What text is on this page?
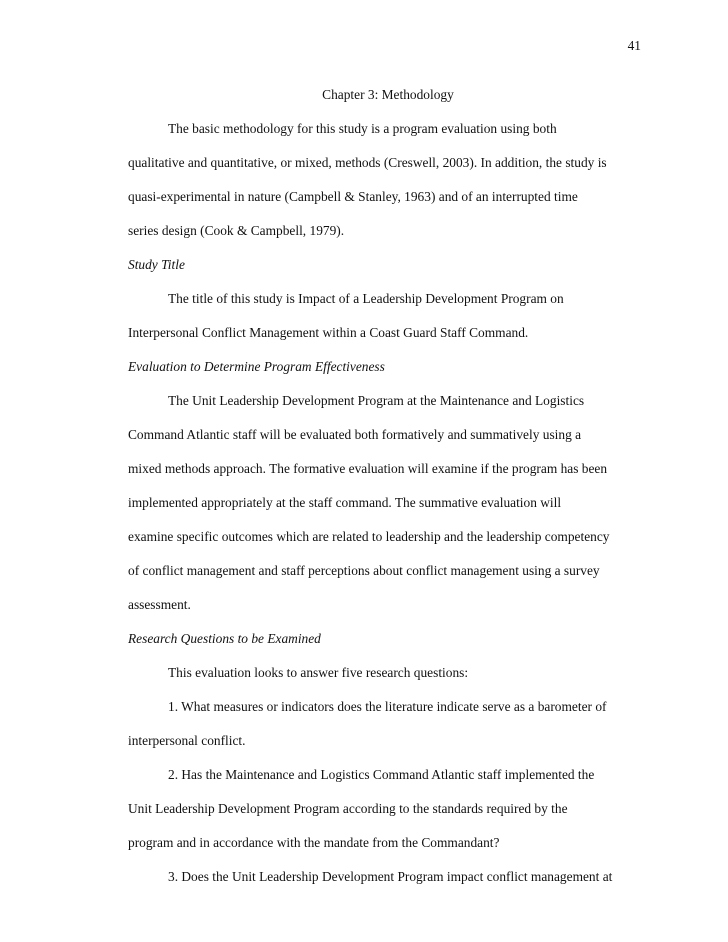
41
Chapter 3: Methodology
The basic methodology for this study is a program evaluation using both
qualitative and quantitative, or mixed, methods (Creswell, 2003). In addition, the study is
quasi-experimental in nature (Campbell & Stanley, 1963) and of an interrupted time
series design (Cook & Campbell, 1979).
Study Title
The title of this study is Impact of a Leadership Development Program on
Interpersonal Conflict Management within a Coast Guard Staff Command.
Evaluation to Determine Program Effectiveness
The Unit Leadership Development Program at the Maintenance and Logistics
Command Atlantic staff will be evaluated both formatively and summatively using a
mixed methods approach. The formative evaluation will examine if the program has been
implemented appropriately at the staff command. The summative evaluation will
examine specific outcomes which are related to leadership and the leadership competency
of conflict management and staff perceptions about conflict management using a survey
assessment.
Research Questions to be Examined
This evaluation looks to answer five research questions:
1. What measures or indicators does the literature indicate serve as a barometer of
interpersonal conflict.
2. Has the Maintenance and Logistics Command Atlantic staff implemented the
Unit Leadership Development Program according to the standards required by the
program and in accordance with the mandate from the Commandant?
3. Does the Unit Leadership Development Program impact conflict management at
